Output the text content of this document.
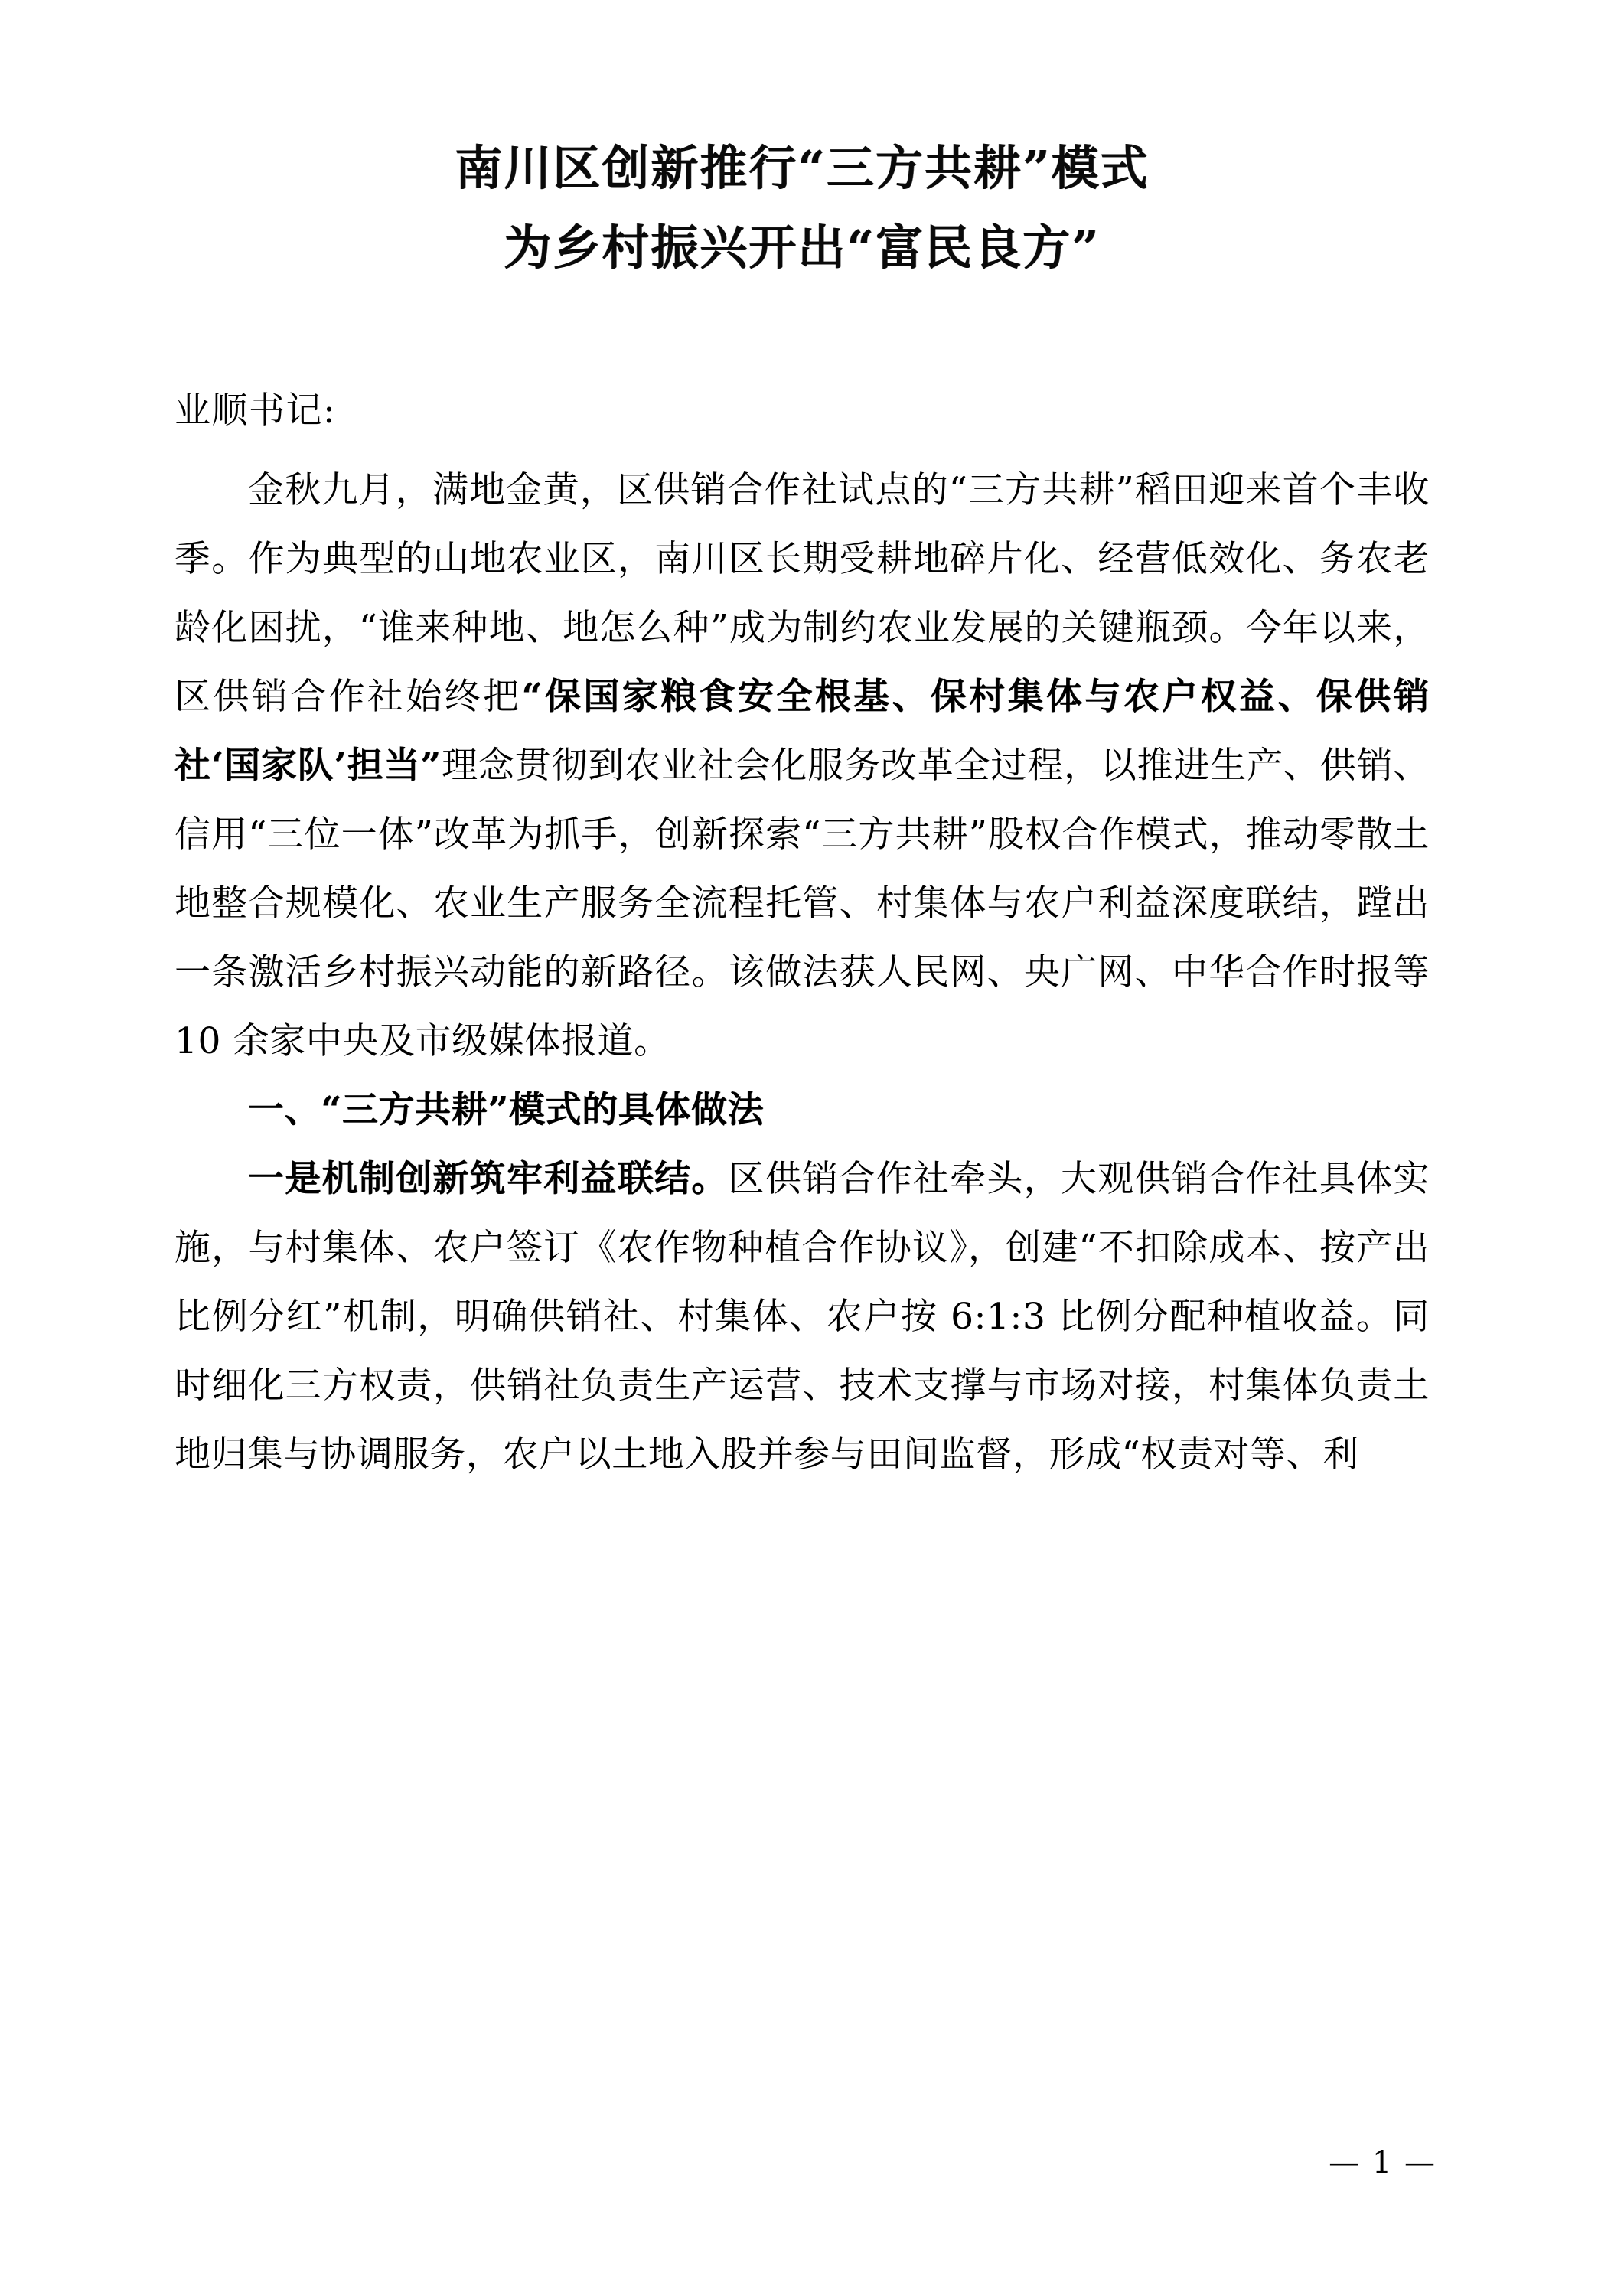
南川区创新推行“三方共耕”模式
为乡村振兴开出“富民良方”
业顺书记:

金秋九月，满地金黄，区供销合作社试点的“三方共耕”稻田迎来首个丰收季。作为典型的山地农业区，南川区长期受耕地碎片化、经营低效化、务农老龄化困扰，“谁来种地、地怎么种”成为制约农业发展的关键瓶颈。今年以来，区供销合作社始终把“保国家粮食安全根基、保村集体与农户权益、保供销社‘国家队’担当”理念贯彻到农业社会化服务改革全过程，以推进生产、供销、信用“三位一体”改革为抓手，创新探索“三方共耕”股权合作模式，推动零散土地整合规模化、农业生产服务全流程托管、村集体与农户利益深度联结，蹚出一条激活乡村振兴动能的新路径。该做法获人民网、央广网、中华合作时报等 10 余家中央及市级媒体报道。

一、“三方共耕”模式的具体做法

一是机制创新筑牢利益联结。区供销合作社牵头，大观供销合作社具体实施，与村集体、农户签订《农作物种植合作协议》，创建“不扣除成本、按产出比例分红”机制，明确供销社、村集体、农户按 6:1:3 比例分配种植收益。同时细化三方权责，供销社负责生产运营、技术支撑与市场对接，村集体负责土地归集与协调服务，农户以土地入股并参与田间监督，形成“权责对等、利

— 1 —
